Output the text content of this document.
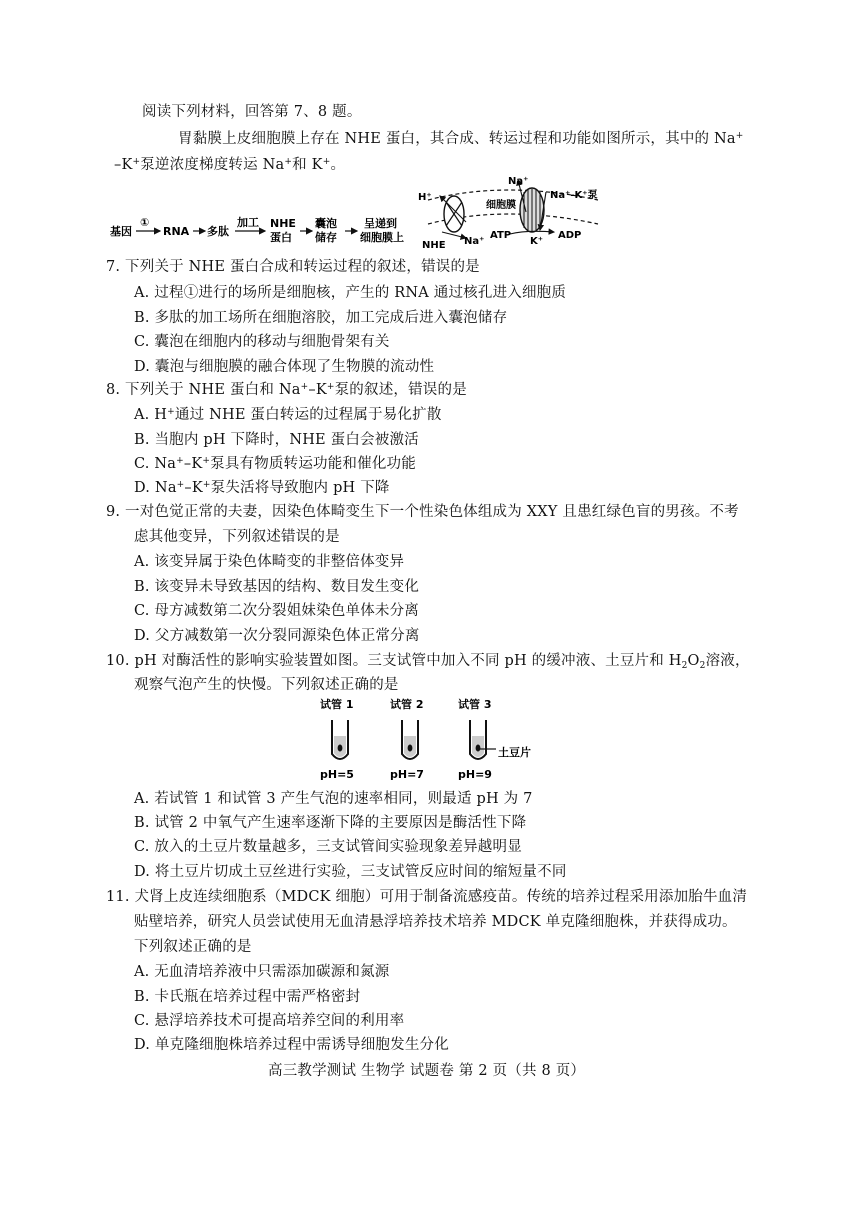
阅读下列材料，回答第 7、8 题。
胃黏膜上皮细胞膜上存在 NHE 蛋白，其合成、转运过程和功能如图所示，其中的 Na+
–K+泵逆浓度梯度转运 Na+和 K+。
基因
①
RNA 多肽
加工 NHE
蛋白
囊泡
储存
呈递到
细胞膜上
细胞膜
H⁺
Na⁺
Na⁺-K⁺泵
NHE Na⁺
ATP
K⁺
ADP
7. 下列关于 NHE 蛋白合成和转运过程的叙述，错误的是
A. 过程①进行的场所是细胞核，产生的 RNA 通过核孔进入细胞质
B. 多肽的加工场所在细胞溶胶，加工完成后进入囊泡储存
C. 囊泡在细胞内的移动与细胞骨架有关
D. 囊泡与细胞膜的融合体现了生物膜的流动性
8. 下列关于 NHE 蛋白和 Na+–K+泵的叙述，错误的是
A. H+通过 NHE 蛋白转运的过程属于易化扩散
B. 当胞内 pH 下降时，NHE 蛋白会被激活
C. Na+–K+泵具有物质转运功能和催化功能
D. Na+–K+泵失活将导致胞内 pH 下降
9. 一对色觉正常的夫妻，因染色体畸变生下一个性染色体组成为 XXY 且患红绿色盲的男孩。不考
虑其他变异，下列叙述错误的是
A. 该变异属于染色体畸变的非整倍体变异
B. 该变异未导致基因的结构、数目发生变化
C. 母方减数第二次分裂姐妹染色单体未分离
D. 父方减数第一次分裂同源染色体正常分离
10. pH 对酶活性的影响实验装置如图。三支试管中加入不同 pH 的缓冲液、土豆片和 $H_2O_2$溶液，
观察气泡产生的快慢。下列叙述正确的是
试管 1	试管 2	试管 3
pH=5	pH=7	pH=9
土豆片
A. 若试管 1 和试管 3 产生气泡的速率相同，则最适 pH 为 7
B. 试管 2 中氧气产生速率逐渐下降的主要原因是酶活性下降
C. 放入的土豆片数量越多，三支试管间实验现象差异越明显
D. 将土豆片切成土豆丝进行实验，三支试管反应时间的缩短量不同
11. 犬肾上皮连续细胞系（MDCK 细胞）可用于制备流感疫苗。传统的培养过程采用添加胎牛血清
贴壁培养，研究人员尝试使用无血清悬浮培养技术培养 MDCK 单克隆细胞株，并获得成功。
下列叙述正确的是
A. 无血清培养液中只需添加碳源和氮源
B. 卡氏瓶在培养过程中需严格密封
C. 悬浮培养技术可提高培养空间的利用率
D. 单克隆细胞株培养过程中需诱导细胞发生分化
高三教学测试 生物学 试题卷 第 2 页（共 8 页）
